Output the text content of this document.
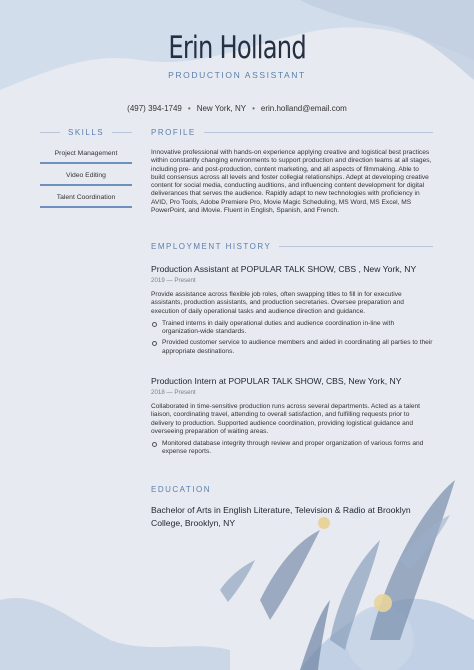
Erin Holland
PRODUCTION ASSISTANT
(497) 394-1749 • New York, NY • erin.holland@email.com
SKILLS
Project Management
Video Editing
Talent Coordination
PROFILE
Innovative professional with hands-on experience applying creative and logistical best practices within constantly changing environments to support production and direction teams at all stages, including pre- and post-production, content marketing, and all aspects of filmmaking. Able to build consensus across all levels and foster collegial relationships. Adept at developing creative content for social media, conducting auditions, and influencing content development for digital deliverances that serves the audience. Rapidly adapt to new technologies with proficiency in AVID, Pro Tools, Adobe Premiere Pro, Movie Magic Scheduling, MS Word, MS Excel, MS PowerPoint, and iMovie. Fluent in English, Spanish, and French.
EMPLOYMENT HISTORY
Production Assistant at POPULAR TALK SHOW, CBS , New York, NY
2019 — Present
Provide assistance across flexible job roles, often swapping titles to fill in for executive assistants, production assistants, and production secretaries. Oversee preparation and execution of daily operational tasks and audience direction and guidance.
Trained interns in daily operational duties and audience coordination in-line with organization-wide standards.
Provided customer service to audience members and aided in coordinating all parties to their appropriate destinations.
Production Intern at POPULAR TALK SHOW, CBS, New York, NY
2018 — Present
Collaborated in time-sensitive production runs across several departments. Acted as a talent liaison, coordinating travel, attending to overall satisfaction, and fulfilling requests prior to delivery to production. Supported audience coordination, providing logistical guidance and overseeing preparation of waiting areas.
Monitored database integrity through review and proper organization of various forms and expense reports.
EDUCATION
Bachelor of Arts in English Literature, Television & Radio at Brooklyn College, Brooklyn, NY
